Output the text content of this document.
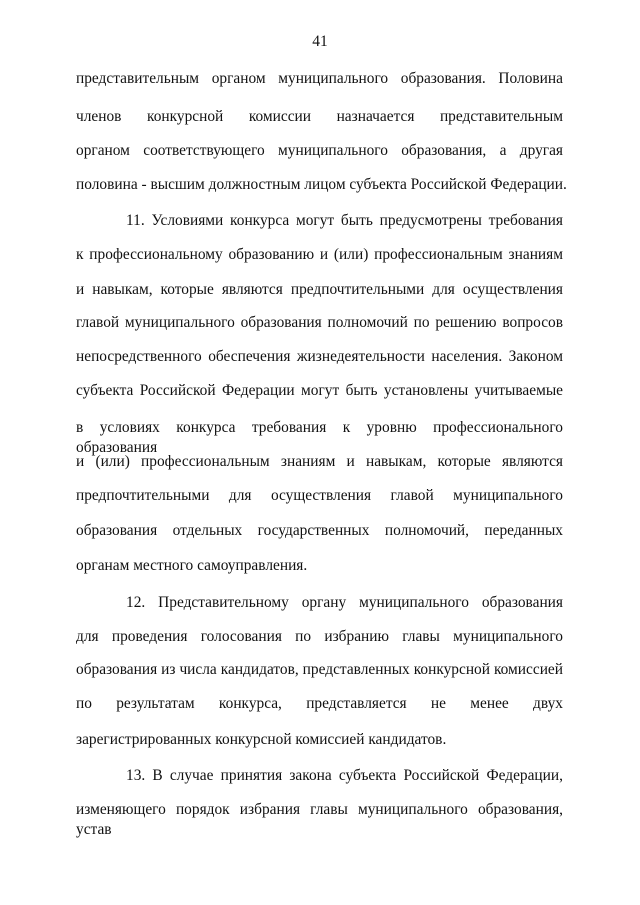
41
представительным органом муниципального образования. Половина
членов конкурсной комиссии назначается представительным
органом соответствующего муниципального образования, а другая
половина - высшим должностным лицом субъекта Российской Федерации.
11. Условиями конкурса могут быть предусмотрены требования
к профессиональному образованию и (или) профессиональным знаниям
и навыкам, которые являются предпочтительными для осуществления
главой муниципального образования полномочий по решению вопросов
непосредственного обеспечения жизнедеятельности населения. Законом
субъекта Российской Федерации могут быть установлены учитываемые
в условиях конкурса требования к уровню профессионального образования
и (или) профессиональным знаниям и навыкам, которые являются
предпочтительными для осуществления главой муниципального
образования отдельных государственных полномочий, переданных
органам местного самоуправления.
12. Представительному органу муниципального образования
для проведения голосования по избранию главы муниципального
образования из числа кандидатов, представленных конкурсной комиссией
по результатам конкурса, представляется не менее двух
зарегистрированных конкурсной комиссией кандидатов.
13. В случае принятия закона субъекта Российской Федерации,
изменяющего порядок избрания главы муниципального образования, устав
